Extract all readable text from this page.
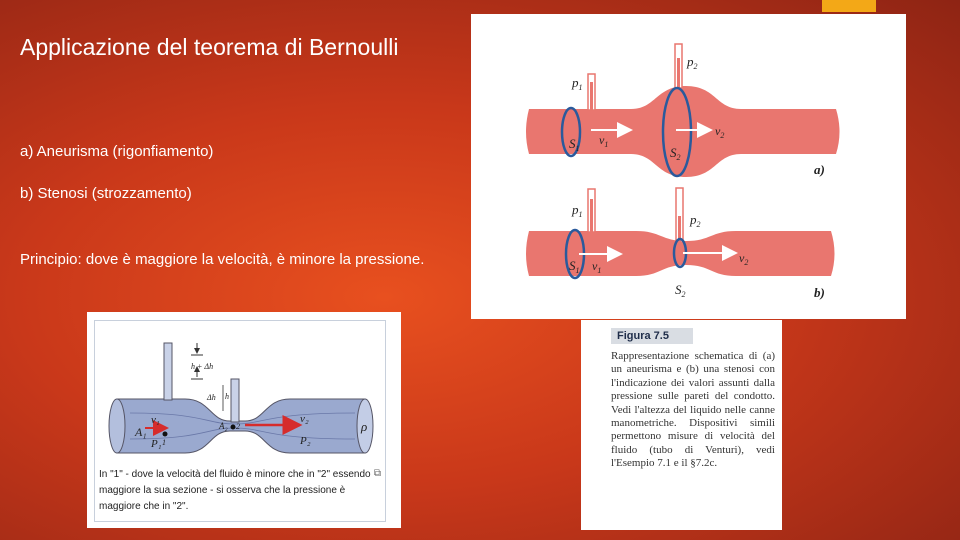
Applicazione del teorema di Bernoulli
a) Aneurisma (rigonfiamento)
b) Stenosi (strozzamento)
Principio: dove è maggiore la velocità, è minore la pressione.
$p_1$
$p_2$
$S_1$	$S_2$
$v_1$
$v_2$
a)
$p_1$	$p_2$
$S_1$
$S_2$
$v_1$
$v_2$
b)
Figura 7.5
Rappresentazione schematica di (a) un aneurisma e (b) una stenosi con l'indicazione dei valori assunti dalla pressione sulle pareti del condotto. Vedi l'altezza del liquido nelle canne manometriche. Dispositivi simili permettono misure di velocità del fluido (tubo di Venturi), vedi l'Esempio 7.1 e il §7.2c.
h + Δh
Δh h
v₁
A₁
P₁ 1
A₂ 2
v₂
P₂
ρ
In "1" - dove la velocità del fluido è minore che in "2" essendo maggiore la sua sezione - si osserva che la pressione è maggiore che in "2".
⧉
